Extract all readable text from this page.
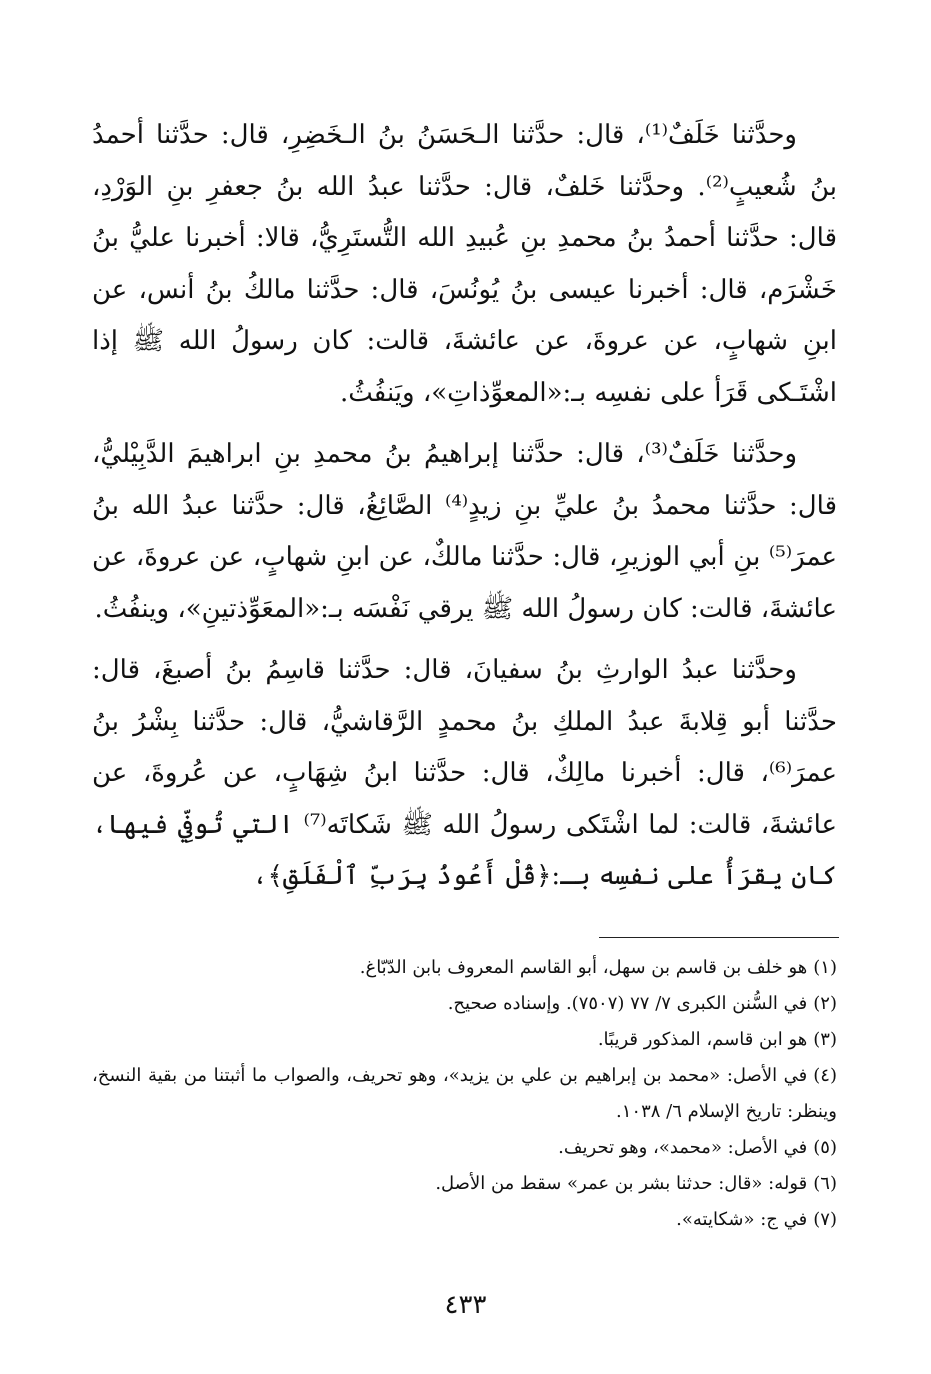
وحدَّثنا خَلَفٌ⁽¹⁾، قال: حدَّثنا الـحَسَنُ بنُ الـخَضِرِ، قال: حدَّثنا أحمدُ بنُ شُعيبٍ⁽²⁾. وحدَّثنا خَلفٌ، قال: حدَّثنا عبدُ الله بنُ جعفرِ بنِ الوَرْدِ، قال: حدَّثنا أحمدُ بنُ محمدِ بنِ عُبيدِ الله التُّستَرِيُّ، قالا: أخبرنا عليُّ بنُ خَشْرَم، قال: أخبرنا عيسى بنُ يُونُسَ، قال: حدَّثنا مالكُ بنُ أنس، عن ابنِ شهابٍ، عن عروةَ، عن عائشةَ، قالت: كان رسولُ الله ﷺ إذا اشْتَـكى قَرَأ على نفسِه بـ:«المعوِّذاتِ»، ويَنفُثُ.

وحدَّثنا خَلَفٌ⁽³⁾، قال: حدَّثنا إبراهيمُ بنُ محمدِ بنِ ابراهيمَ الدَّبِيْليُّ، قال: حدَّثنا محمدُ بنُ عليِّ بنِ زيدٍ⁽⁴⁾ الصَّائِغُ، قال: حدَّثنا عبدُ الله بنُ عمرَ⁽⁵⁾ بنِ أبي الوزيرِ، قال: حدَّثنا مالكٌ، عن ابنِ شهابٍ، عن عروةَ، عن عائشةَ، قالت: كان رسولُ الله ﷺ يرقي نَفْسَه بـ:«المعَوِّذتينِ»، وينفُثُ.

وحدَّثنا عبدُ الوارثِ بنُ سفيانَ، قال: حدَّثنا قاسِمُ بنُ أصبغَ، قال: حدَّثنا أبو قِلابةَ عبدُ الملكِ بنُ محمدٍ الرَّقاشيُّ، قال: حدَّثنا بِشْرُ بنُ عمرَ⁽⁶⁾، قال: أخبرنا مالِكٌ، قال: حدَّثنا ابنُ شِهَابٍ، عن عُروةَ، عن عائشةَ، قالت: لما اشْتَكى رسولُ الله ﷺ شَكاتَه⁽⁷⁾ التي تُوفِّي فيها، كان يقرَأُ على نفسِه بـ:﴿قُلْ أَعُوذُ بِرَبِّ ٱلْفَلَقِ﴾،

(١)هو خلف بن قاسم بن سهل، أبو القاسم المعروف بابن الدّبّاغ.

(٢)في السُّنن الكبرى ٧/ ٧٧ (٧٥٠٧). وإسناده صحيح.

(٣)هو ابن قاسم، المذكور قريبًا.

(٤)في الأصل: «محمد بن إبراهيم بن علي بن يزيد»، وهو تحريف، والصواب ما أثبتنا من بقية النسخ، وينظر: تاريخ الإسلام ٦/ ١٠٣٨.

(٥)في الأصل: «محمد»، وهو تحريف.

(٦)قوله: «قال: حدثنا بشر بن عمر» سقط من الأصل.

(٧)في ج: «شكايته».

٤٣٣
